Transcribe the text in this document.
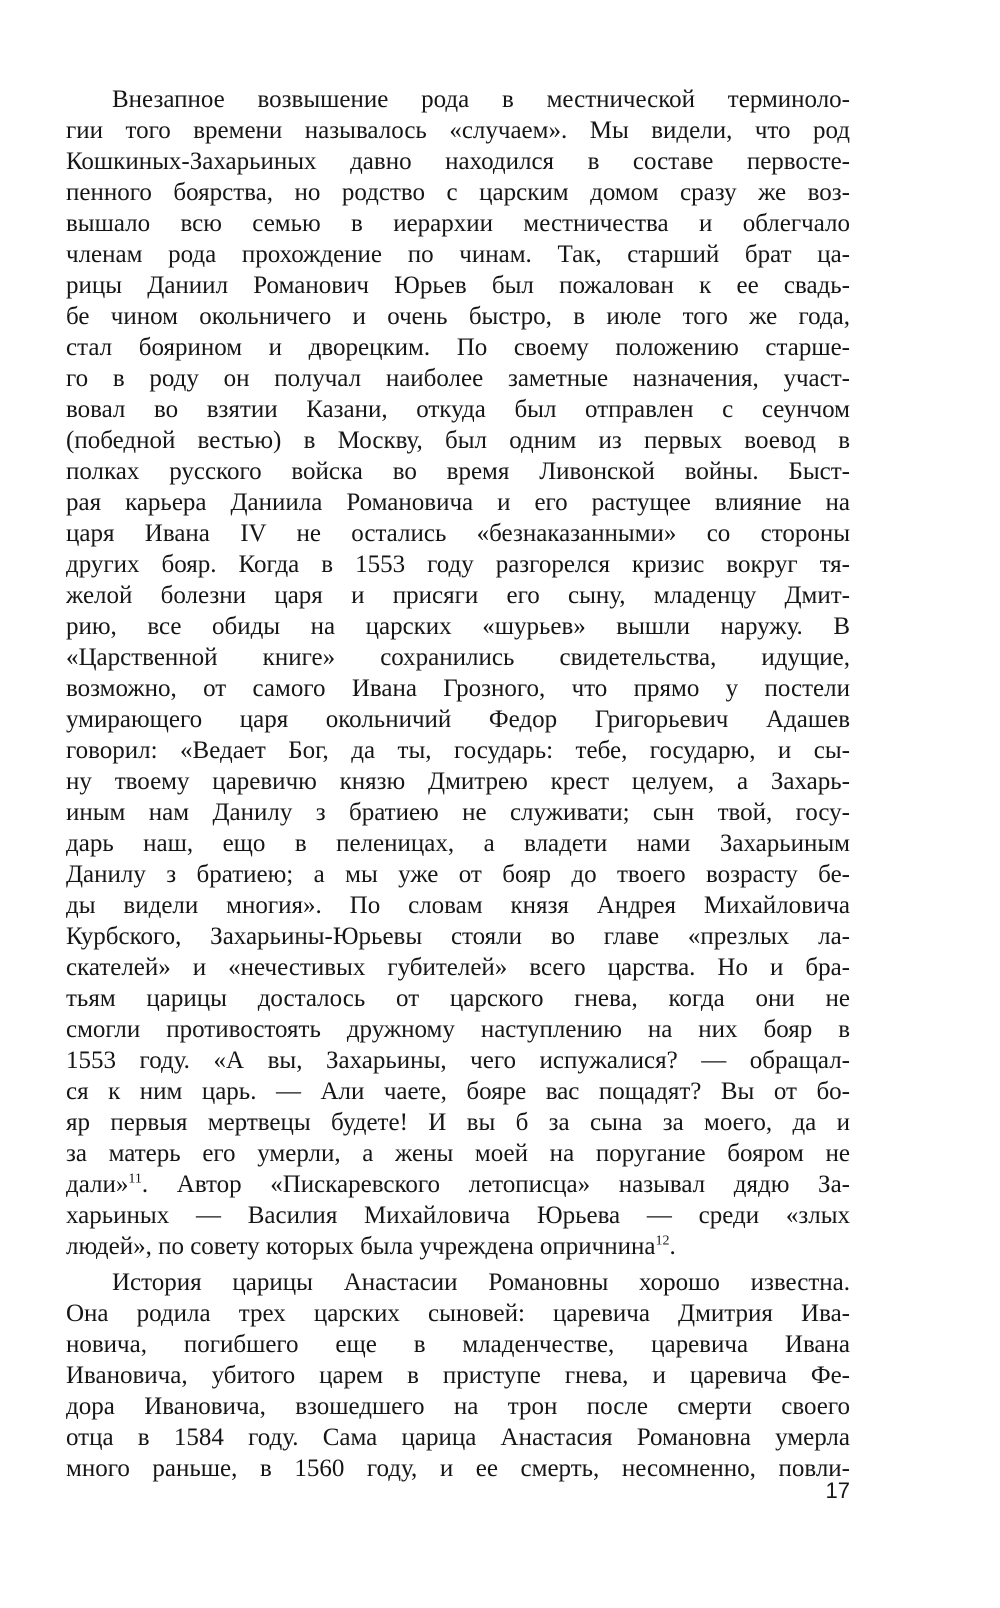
Внезапное возвышение рода в местнической терминоло-
гии того времени называлось «случаем». Мы видели, что род
Кошкиных-Захарьиных давно находился в составе первосте-
пенного боярства, но родство с царским домом сразу же воз-
вышало всю семью в иерархии местничества и облегчало
членам рода прохождение по чинам. Так, старший брат ца-
рицы Даниил Романович Юрьев был пожалован к ее свадь-
бе чином окольничего и очень быстро, в июле того же года,
стал боярином и дворецким. По своему положению старше-
го в роду он получал наиболее заметные назначения, участ-
вовал во взятии Казани, откуда был отправлен с сеунчом
(победной вестью) в Москву, был одним из первых воевод в
полках русского войска во время Ливонской войны. Быст-
рая карьера Даниила Романовича и его растущее влияние на
царя Ивана IV не остались «безнаказанными» со стороны
других бояр. Когда в 1553 году разгорелся кризис вокруг тя-
желой болезни царя и присяги его сыну, младенцу Дмит-
рию, все обиды на царских «шурьев» вышли наружу. В
«Царственной книге» сохранились свидетельства, идущие,
возможно, от самого Ивана Грозного, что прямо у постели
умирающего царя окольничий Федор Григорьевич Адашев
говорил: «Ведает Бог, да ты, государь: тебе, государю, и сы-
ну твоему царевичю князю Дмитрею крест целуем, а Захарь-
иным нам Данилу з братиею не служивати; сын твой, госу-
дарь наш, ещо в пеленицах, а владети нами Захарьиным
Данилу з братиею; а мы уже от бояр до твоего возрасту бе-
ды видели многия». По словам князя Андрея Михайловича
Курбского, Захарьины-Юрьевы стояли во главе «презлых ла-
скателей» и «нечестивых губителей» всего царства. Но и бра-
тьям царицы досталось от царского гнева, когда они не
смогли противостоять дружному наступлению на них бояр в
1553 году. «А вы, Захарьины, чего испужалися? — обращал-
ся к ним царь. — Али чаете, бояре вас пощадят? Вы от бо-
яр первыя мертвецы будете! И вы б за сына за моего, да и
за матерь его умерли, а жены моей на поругание бояром не
дали»$^{11}$. Автор «Пискаревского летописца» называл дядю За-
харьиных — Василия Михайловича Юрьева — среди «злых
людей», по совету которых была учреждена опричнина$^{12}$.
История царицы Анастасии Романовны хорошо известна.
Она родила трех царских сыновей: царевича Дмитрия Ива-
новича, погибшего еще в младенчестве, царевича Ивана
Ивановича, убитого царем в приступе гнева, и царевича Фе-
дора Ивановича, взошедшего на трон после смерти своего
отца в 1584 году. Сама царица Анастасия Романовна умерла
много раньше, в 1560 году, и ее смерть, несомненно, повли-
17
